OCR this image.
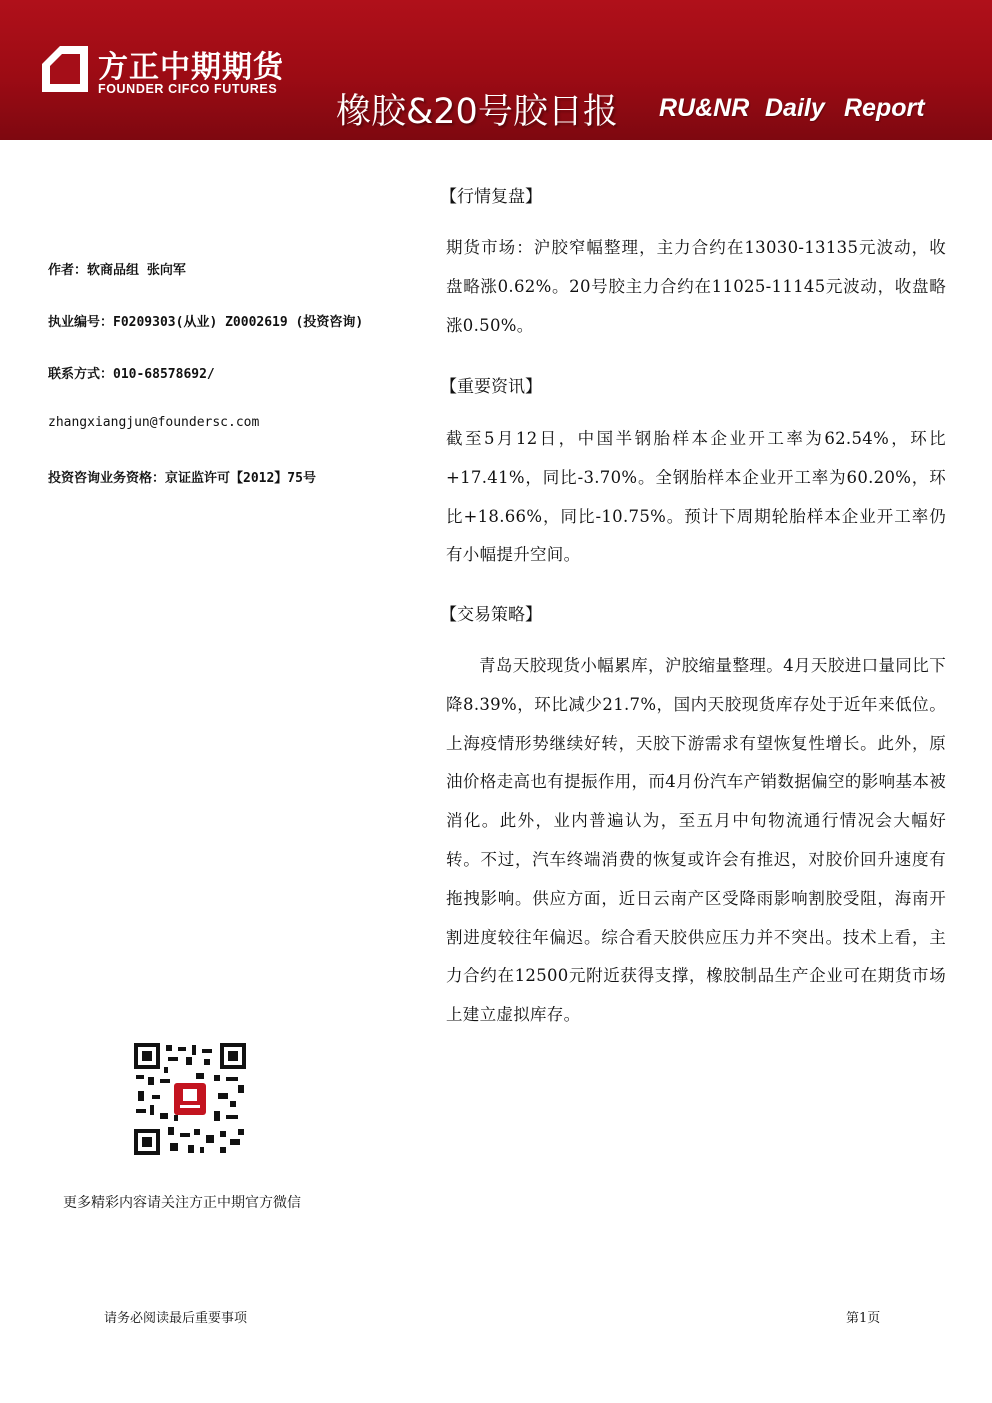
方正中期期货
FOUNDER CIFCO FUTURES
橡胶&20号胶日报 RU&NR Daily Report
作者：软商品组 张向军
执业编号：F0209303(从业) Z0002619 (投资咨询)
联系方式：010-68578692/
zhangxiangjun@foundersc.com
投资咨询业务资格：京证监许可【2012】75号
【行情复盘】

期货市场：沪胶窄幅整理，主力合约在13030-13135元波动，收盘略涨0.62%。20号胶主力合约在11025-11145元波动，收盘略涨0.50%。

【重要资讯】

截至5月12日，中国半钢胎样本企业开工率为62.54%，环比+17.41%，同比-3.70%。全钢胎样本企业开工率为60.20%，环比+18.66%，同比-10.75%。预计下周期轮胎样本企业开工率仍有小幅提升空间。

【交易策略】

青岛天胶现货小幅累库，沪胶缩量整理。4月天胶进口量同比下降8.39%，环比减少21.7%，国内天胶现货库存处于近年来低位。上海疫情形势继续好转，天胶下游需求有望恢复性增长。此外，原油价格走高也有提振作用，而4月份汽车产销数据偏空的影响基本被消化。此外，业内普遍认为，至五月中旬物流通行情况会大幅好转。不过，汽车终端消费的恢复或许会有推迟，对胶价回升速度有拖拽影响。供应方面，近日云南产区受降雨影响割胶受阻，海南开割进度较往年偏迟。综合看天胶供应压力并不突出。技术上看，主力合约在12500元附近获得支撑，橡胶制品生产企业可在期货市场上建立虚拟库存。

更多精彩内容请关注方正中期官方微信
请务必阅读最后重要事项	第1页
